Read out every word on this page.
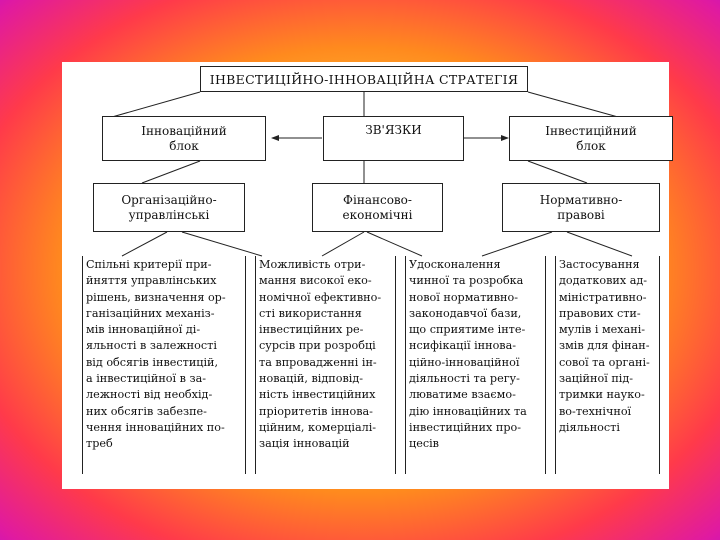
ІНВЕСТИЦІЙНО-ІННОВАЦІЙНА СТРАТЕГІЯ
Інноваційний
блок
ЗВ'ЯЗКИ	Інвестиційний
блок
Організаційно-
управлінські
Фінансово-
економічні
Нормативно-
правові
Спільні критерії при-
йняття управлінських
рішень, визначення ор-
ганізаційних механіз-
мів інноваційної ді-
яльності в залежності
від обсягів інвестицій,
а інвестиційної в за-
лежності від необхід-
них обсягів забезпе-
чення інноваційних по-
треб
Можливість отри-
мання високої еко-
номічної ефективно-
сті використання
інвестиційних ре-
сурсів при розробці
та впровадженні ін-
новацій, відповід-
ність інвестиційних
пріоритетів іннова-
ційним, комерціалі-
зація інновацій
Удосконалення
чинної та розробка
нової нормативно-
законодавчої бази,
що сприятиме інте-
нсифікації іннова-
ційно-інноваційної
діяльності та регу-
люватиме взаємо-
дію інноваційних та
інвестиційних про-
цесів
Застосування
додаткових ад-
міністративно-
правових сти-
мулів і механі-
змів для фінан-
сової та органі-
заційної під-
тримки науко-
во-технічної
діяльності
